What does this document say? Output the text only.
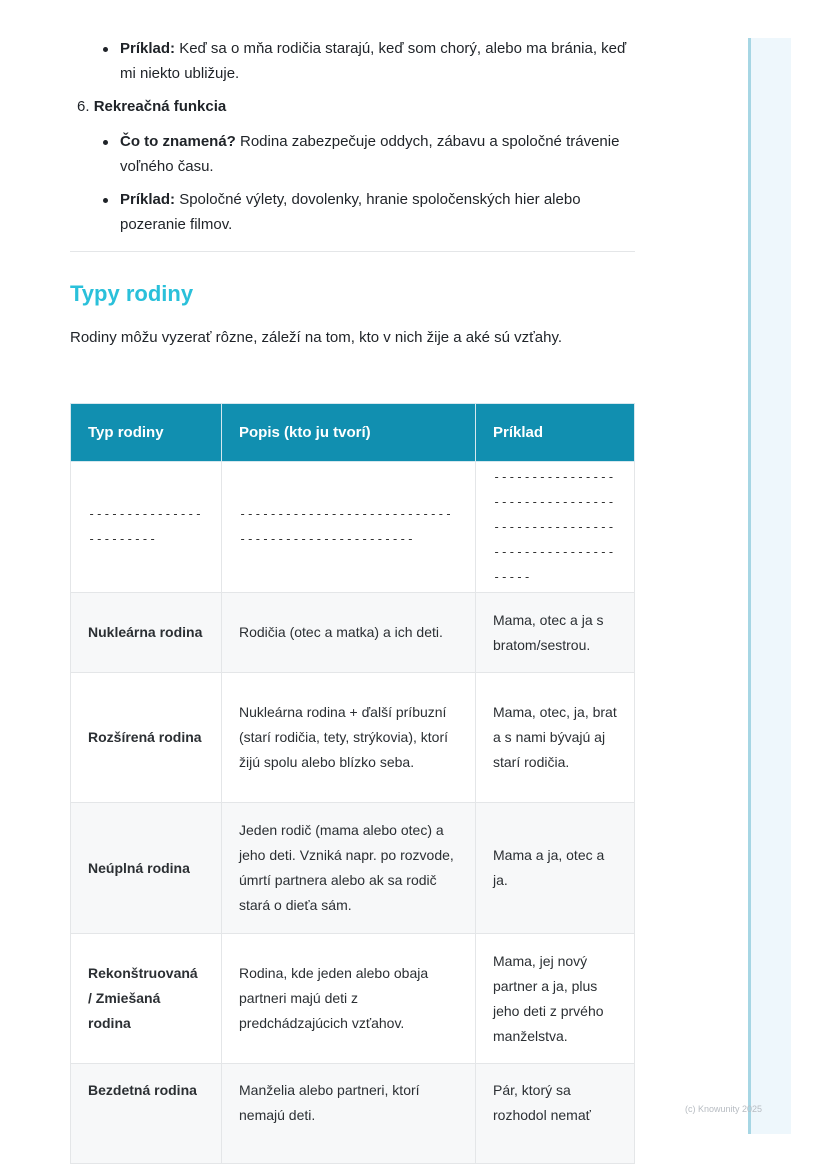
Príklad: Keď sa o mňa rodičia starajú, keď som chorý, alebo ma bránia, keď mi niekto ubližuje.

6. Rekreačná funkcia

Čo to znamená? Rodina zabezpečuje oddych, zábavu a spoločné trávenie voľného času.
Príklad: Spoločné výlety, dovolenky, hranie spoločenských hier alebo pozeranie filmov.
Typy rodiny

Rodiny môžu vyzerať rôzne, záleží na tom, kto v nich žije a aké sú vzťahy.

Typ rodiny	Popis (kto ju tvorí)	Príklad

------------------------	---------------------------------------------------	---------------------------------------------------------------------

Nukleárna rodina	Rodičia (otec a matka) a ich deti.	Mama, otec a ja s bratom/sestrou.
Rozšírená rodina	Nukleárna rodina + ďalší príbuzní (starí rodičia, tety, strýkovia), ktorí žijú spolu alebo blízko seba.	Mama, otec, ja, brat a s nami bývajú aj starí rodičia.
Neúplná rodina	Jeden rodič (mama alebo otec) a jeho deti. Vzniká napr. po rozvode, úmrtí partnera alebo ak sa rodič stará o dieťa sám.	Mama a ja, otec a ja.
Rekonštruovaná / Zmiešaná rodina	Rodina, kde jeden alebo obaja partneri majú deti z predchádzajúcich vzťahov.	Mama, jej nový partner a ja, plus jeho deti z prvého manželstva.
Bezdetná rodina	Manželia alebo partneri, ktorí nemajú deti.	Pár, ktorý sa rozhodol nemať	(c) Knowunity 2025
